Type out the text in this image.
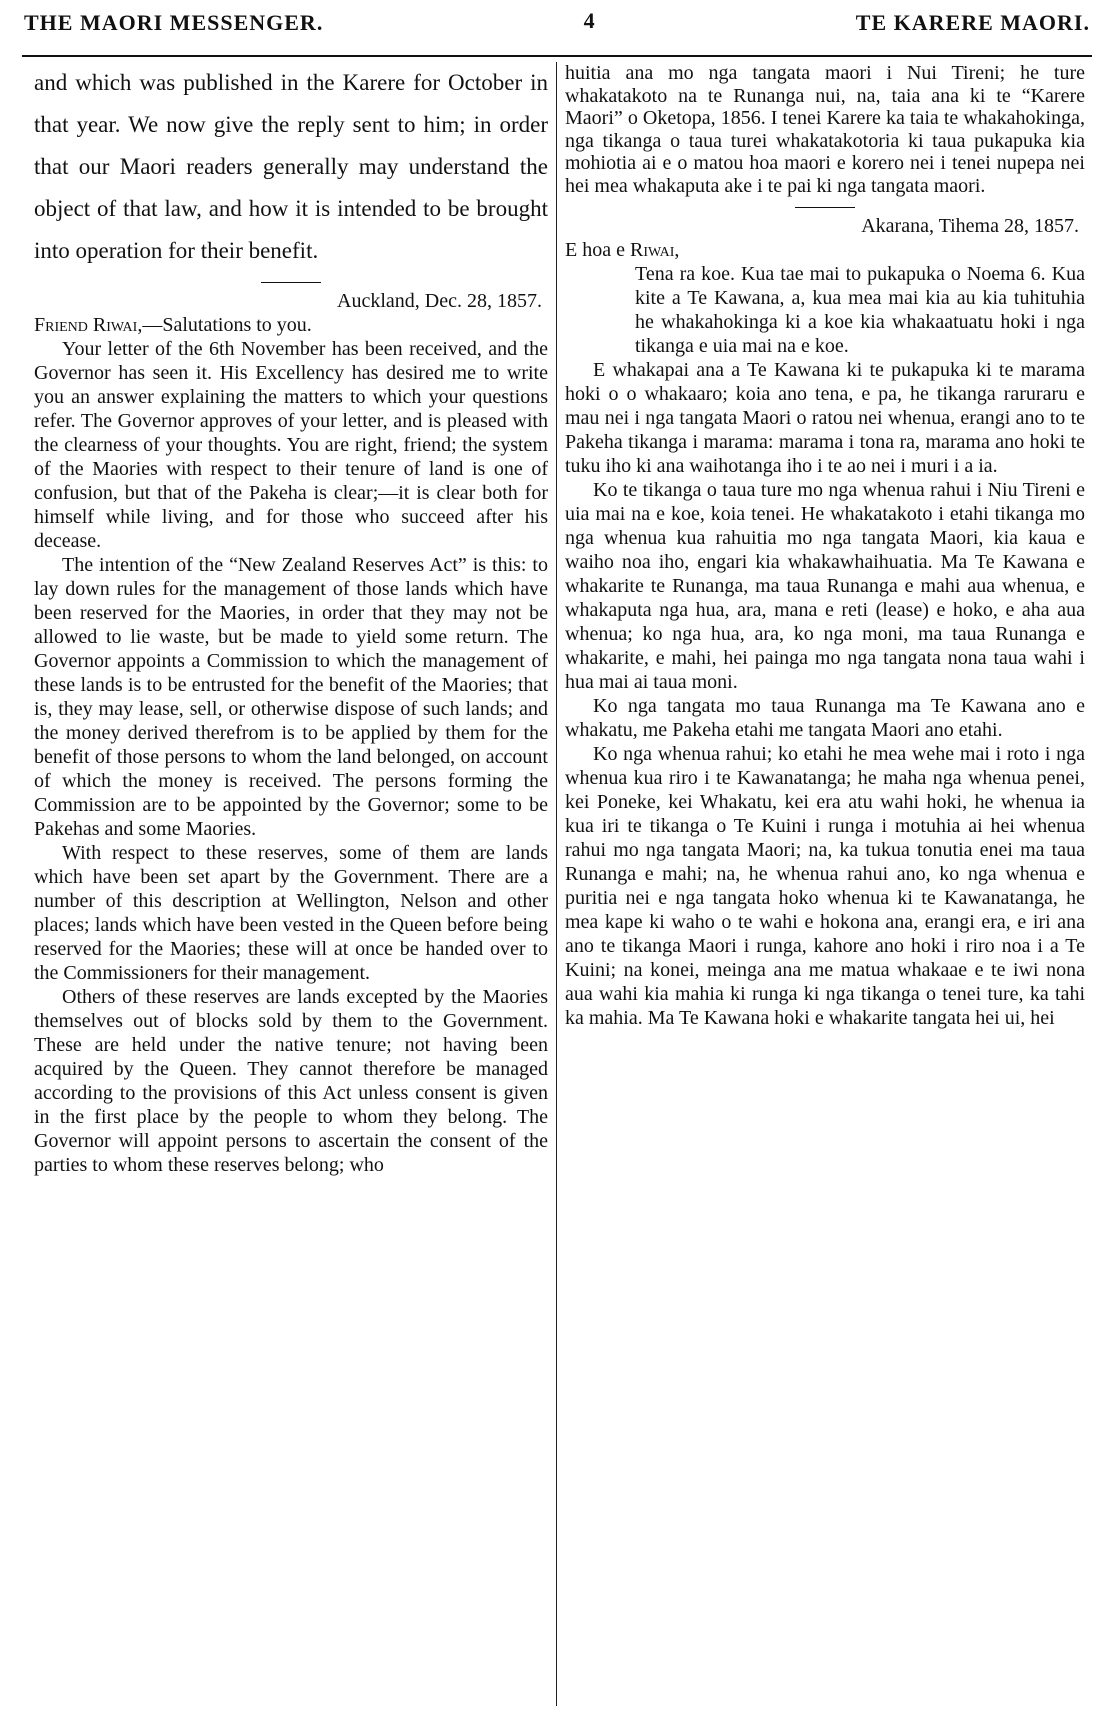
THE MAORI MESSENGER.	4	TE KARERE MAORI.

and which was published in the Karere for October in that year. We now give the reply sent to him; in order that our Maori readers generally may understand the object of that law, and how it is intended to be brought into operation for their benefit.

Auckland, Dec. 28, 1857.

Friend Riwai,—Salutations to you.

Your letter of the 6th November has been received, and the Governor has seen it. His Excellency has desired me to write you an answer explaining the matters to which your questions refer. The Governor approves of your letter, and is pleased with the clearness of your thoughts. You are right, friend; the system of the Maories with respect to their tenure of land is one of confusion, but that of the Pakeha is clear;—it is clear both for himself while living, and for those who succeed after his decease.

The intention of the “New Zealand Reserves Act” is this: to lay down rules for the management of those lands which have been reserved for the Maories, in order that they may not be allowed to lie waste, but be made to yield some return. The Governor appoints a Commission to which the management of these lands is to be entrusted for the benefit of the Maories; that is, they may lease, sell, or otherwise dispose of such lands; and the money derived therefrom is to be applied by them for the benefit of those persons to whom the land belonged, on account of which the money is received. The persons forming the Commission are to be appointed by the Governor; some to be Pakehas and some Maories.

With respect to these reserves, some of them are lands which have been set apart by the Government. There are a number of this description at Wellington, Nelson and other places; lands which have been vested in the Queen before being reserved for the Maories; these will at once be handed over to the Commissioners for their management.

Others of these reserves are lands excepted by the Maories themselves out of blocks sold by them to the Government. These are held under the native tenure; not having been acquired by the Queen. They cannot therefore be managed according to the provisions of this Act unless consent is given in the first place by the people to whom they belong. The Governor will appoint persons to ascertain the consent of the parties to whom these reserves belong; who

huitia ana mo nga tangata maori i Nui Tireni; he ture whakatakoto na te Runanga nui, na, taia ana ki te “Karere Maori” o Oketopa, 1856. I tenei Karere ka taia te whakahokinga, nga tikanga o taua turei whakatakotoria ki taua pukapuka kia mohiotia ai e o matou hoa maori e korero nei i tenei nupepa nei hei mea whakaputa ake i te pai ki nga tangata maori.

Akarana, Tihema 28, 1857.

E hoa e Riwai,

Tena ra koe. Kua tae mai to pukapuka o Noema 6. Kua kite a Te Kawana, a, kua mea mai kia au kia tuhituhia he whakahokinga ki a koe kia whakaatuatu hoki i nga tikanga e uia mai na e koe.

E whakapai ana a Te Kawana ki te pukapuka ki te marama hoki o o whakaaro; koia ano tena, e pa, he tikanga raruraru e mau nei i nga tangata Maori o ratou nei whenua, erangi ano to te Pakeha tikanga i marama: marama i tona ra, marama ano hoki te tuku iho ki ana waihotanga iho i te ao nei i muri i a ia.

Ko te tikanga o taua ture mo nga whenua rahui i Niu Tireni e uia mai na e koe, koia tenei. He whakatakoto i etahi tikanga mo nga whenua kua rahuitia mo nga tangata Maori, kia kaua e waiho noa iho, engari kia whakawhaihuatia. Ma Te Kawana e whakarite te Runanga, ma taua Runanga e mahi aua whenua, e whakaputa nga hua, ara, mana e reti (lease) e hoko, e aha aua whenua; ko nga hua, ara, ko nga moni, ma taua Runanga e whakarite, e mahi, hei painga mo nga tangata nona taua wahi i hua mai ai taua moni.

Ko nga tangata mo taua Runanga ma Te Kawana ano e whakatu, me Pakeha etahi me tangata Maori ano etahi.

Ko nga whenua rahui; ko etahi he mea wehe mai i roto i nga whenua kua riro i te Kawanatanga; he maha nga whenua penei, kei Poneke, kei Whakatu, kei era atu wahi hoki, he whenua ia kua iri te tikanga o Te Kuini i runga i motuhia ai hei whenua rahui mo nga tangata Maori; na, ka tukua tonutia enei ma taua Runanga e mahi; na, he whenua rahui ano, ko nga whenua e puritia nei e nga tangata hoko whenua ki te Kawanatanga, he mea kape ki waho o te wahi e hokona ana, erangi era, e iri ana ano te tikanga Maori i runga, kahore ano hoki i riro noa i a Te Kuini; na konei, meinga ana me matua whakaae e te iwi nona aua wahi kia mahia ki runga ki nga tikanga o tenei ture, ka tahi ka mahia. Ma Te Kawana hoki e whakarite tangata hei ui, hei
